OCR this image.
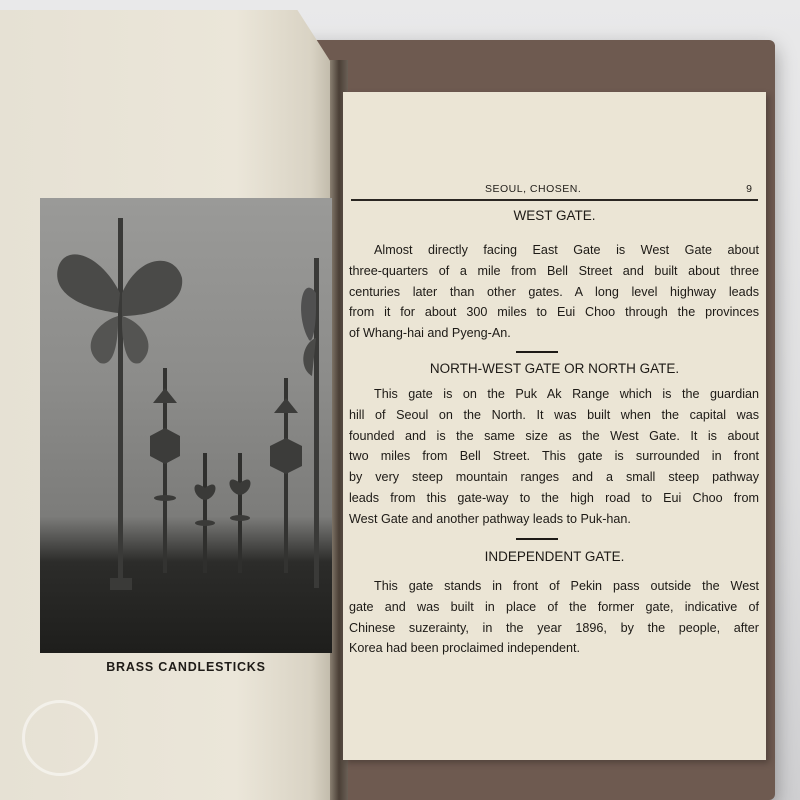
BRASS CANDLESTICKS
SEOUL, CHOSEN.	9
WEST GATE.
Almost directly facing East Gate is West Gate about
three-quarters of a mile from Bell Street and built about three
centuries later than other gates. A long level highway leads
from it for about 300 miles to Eui Choo through the provinces
of Whang-hai and Pyeng-An.
NORTH-WEST GATE OR NORTH GATE.
This gate is on the Puk Ak Range which is the guardian
hill of Seoul on the North. It was built when the capital was
founded and is the same size as the West Gate. It is about
two miles from Bell Street. This gate is surrounded in front
by very steep mountain ranges and a small steep pathway
leads from this gate-way to the high road to Eui Choo from
West Gate and another pathway leads to Puk-han.
INDEPENDENT GATE.
This gate stands in front of Pekin pass outside the West
gate and was built in place of the former gate, indicative of
Chinese suzerainty, in the year 1896, by the people, after
Korea had been proclaimed independent.
